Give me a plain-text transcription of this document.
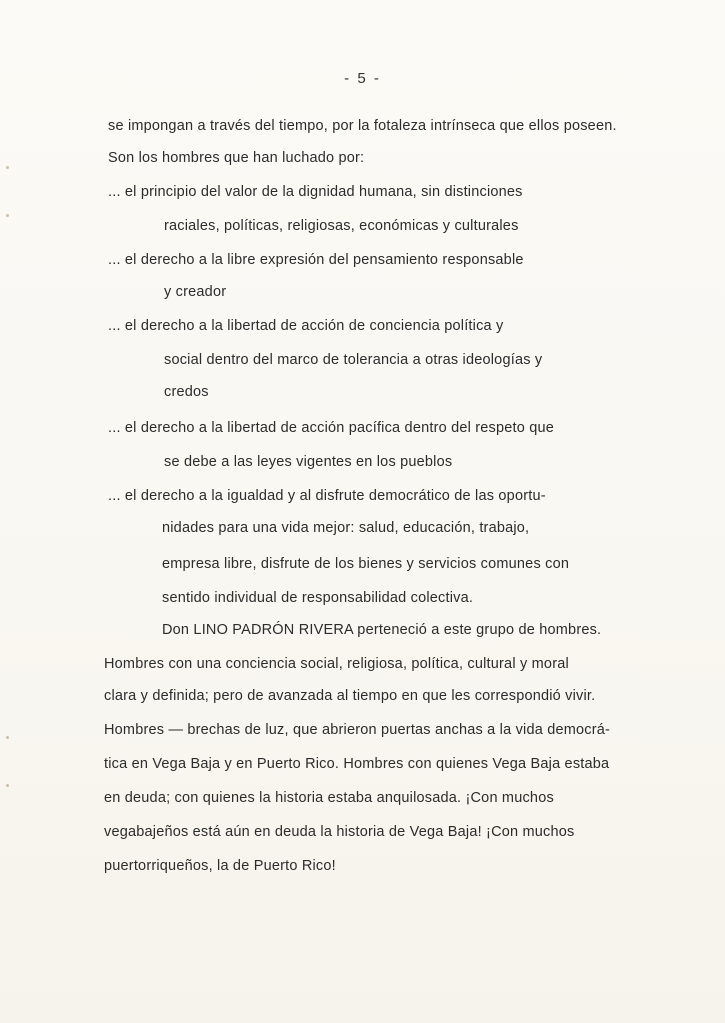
- 5 -
se impongan a través del tiempo, por la fotaleza intrínseca que ellos poseen.
Son los hombres que han luchado por:
... el principio del valor de la dignidad humana, sin distinciones
raciales, políticas, religiosas, económicas y culturales
... el derecho a la libre expresión del pensamiento responsable
y creador
... el derecho a la libertad de acción de conciencia política y
social dentro del marco de tolerancia a otras ideologías y
credos
... el derecho a la libertad de acción pacífica dentro del respeto que
se debe a las leyes vigentes en los pueblos
... el derecho a la igualdad y al disfrute democrático de las oportu-
nidades para una vida mejor: salud, educación, trabajo,
empresa libre, disfrute de los bienes y servicios comunes con
sentido individual de responsabilidad colectiva.
Don LINO PADRÓN RIVERA perteneció a este grupo de hombres.
Hombres con una conciencia social, religiosa, política, cultural y moral
clara y definida; pero de avanzada al tiempo en que les correspondió vivir.
Hombres — brechas de luz, que abrieron puertas anchas a la vida democrá-
tica en Vega Baja y en Puerto Rico. Hombres con quienes Vega Baja estaba
en deuda; con quienes la historia estaba anquilosada. ¡Con muchos
vegabajeños está aún en deuda la historia de Vega Baja! ¡Con muchos
puertorriqueños, la de Puerto Rico!
